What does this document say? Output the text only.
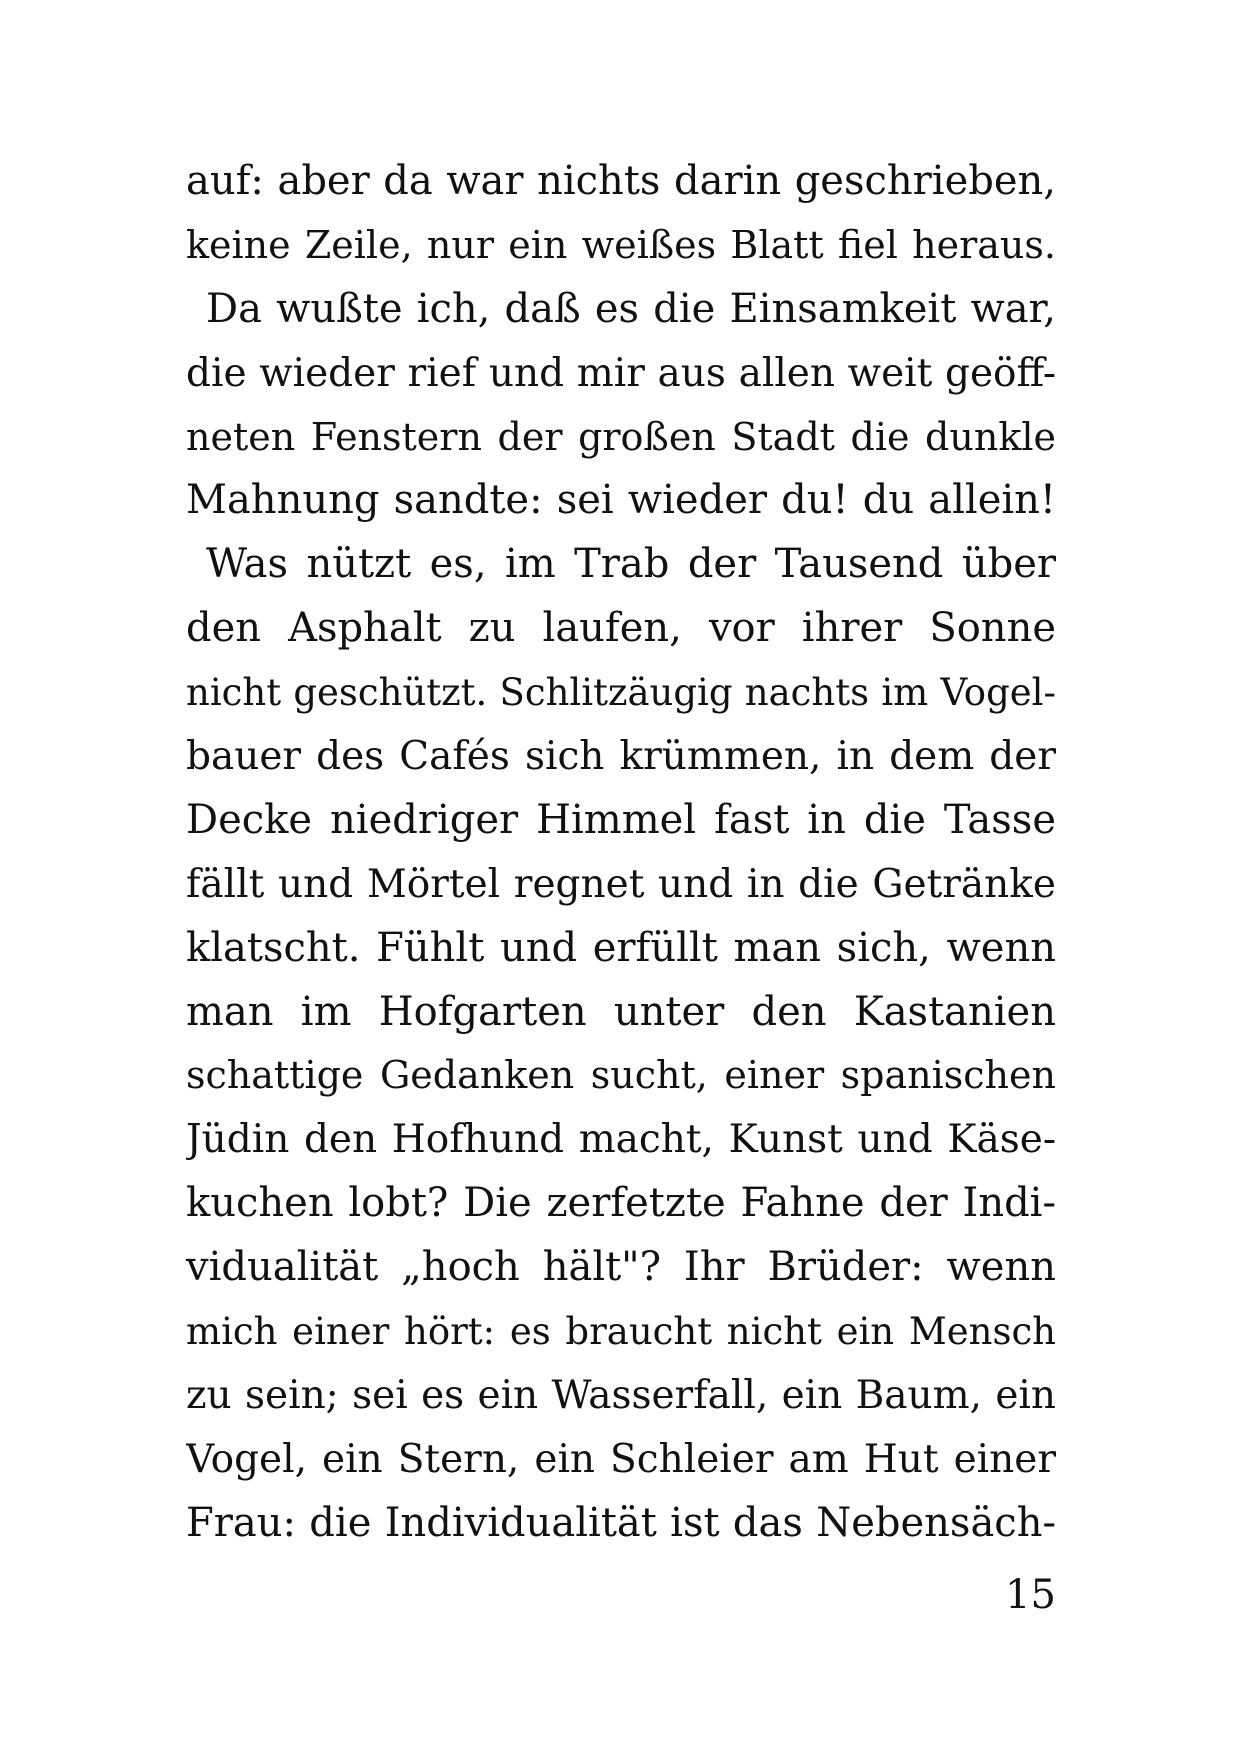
auf: aber da war nichts darin geschrieben,
keine Zeile, nur ein weißes Blatt fiel heraus.
Da wußte ich, daß es die Einsamkeit war,
die wieder rief und mir aus allen weit geöff-
neten Fenstern der großen Stadt die dunkle
Mahnung sandte: sei wieder du! du allein!
Was nützt es, im Trab der Tausend über
den Asphalt zu laufen, vor ihrer Sonne
nicht geschützt. Schlitzäugig nachts im Vogel-
bauer des Cafés sich krümmen, in dem der
Decke niedriger Himmel fast in die Tasse
fällt und Mörtel regnet und in die Getränke
klatscht. Fühlt und erfüllt man sich, wenn
man im Hofgarten unter den Kastanien
schattige Gedanken sucht, einer spanischen
Jüdin den Hofhund macht, Kunst und Käse-
kuchen lobt? Die zerfetzte Fahne der Indi-
vidualität „hoch hält"? Ihr Brüder: wenn
mich einer hört: es braucht nicht ein Mensch
zu sein; sei es ein Wasserfall, ein Baum, ein
Vogel, ein Stern, ein Schleier am Hut einer
Frau: die Individualität ist das Nebensäch-
15
